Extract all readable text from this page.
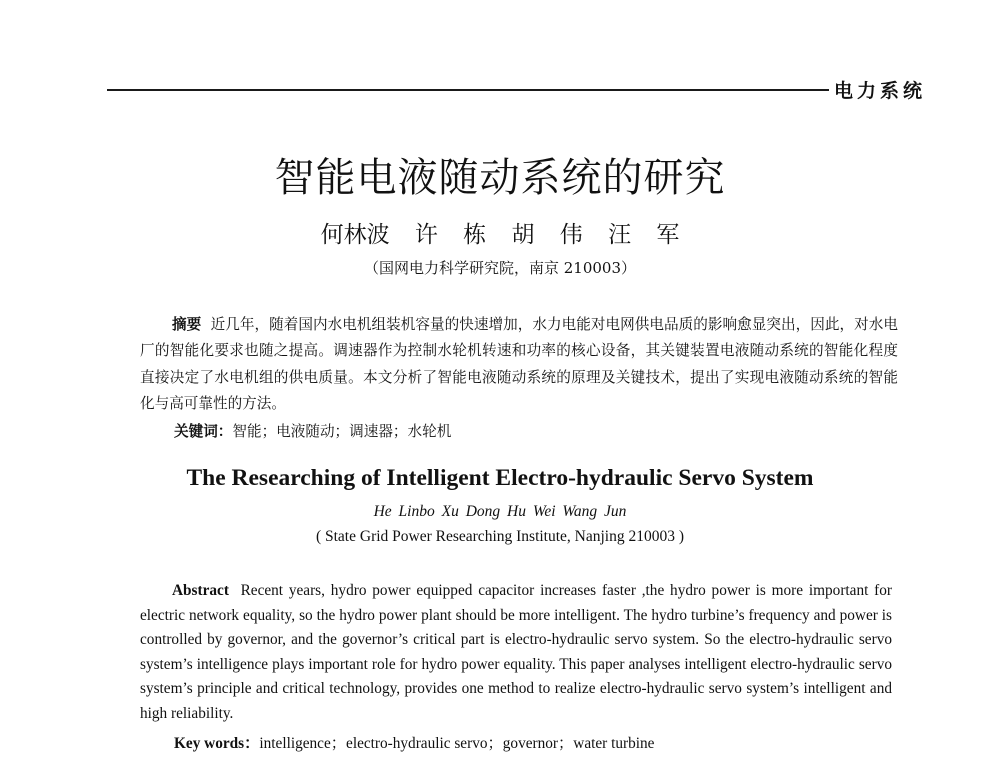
电力系统
智能电液随动系统的研究
何林波 许 栋 胡 伟 汪 军
（国网电力科学研究院，南京 210003）
摘要 近几年，随着国内水电机组装机容量的快速增加，水力电能对电网供电品质的影响愈显突出，因此，对水电厂的智能化要求也随之提高。调速器作为控制水轮机转速和功率的核心设备，其关键装置电液随动系统的智能化程度直接决定了水电机组的供电质量。本文分析了智能电液随动系统的原理及关键技术，提出了实现电液随动系统的智能化与高可靠性的方法。
关键词：智能；电液随动；调速器；水轮机
The Researching of Intelligent Electro-hydraulic Servo System
He Linbo Xu Dong Hu Wei Wang Jun
( State Grid Power Researching Institute, Nanjing 210003 )
Abstract Recent years, hydro power equipped capacitor increases faster ,the hydro power is more important for electric network equality, so the hydro power plant should be more intelligent. The hydro turbine’s frequency and power is controlled by governor, and the governor’s critical part is electro-hydraulic servo system. So the electro-hydraulic servo system’s intelligence plays important role for hydro power equality. This paper analyses intelligent electro-hydraulic servo system’s principle and critical technology, provides one method to realize electro-hydraulic servo system’s intelligent and high reliability.
Key words：intelligence；electro-hydraulic servo；governor；water turbine
